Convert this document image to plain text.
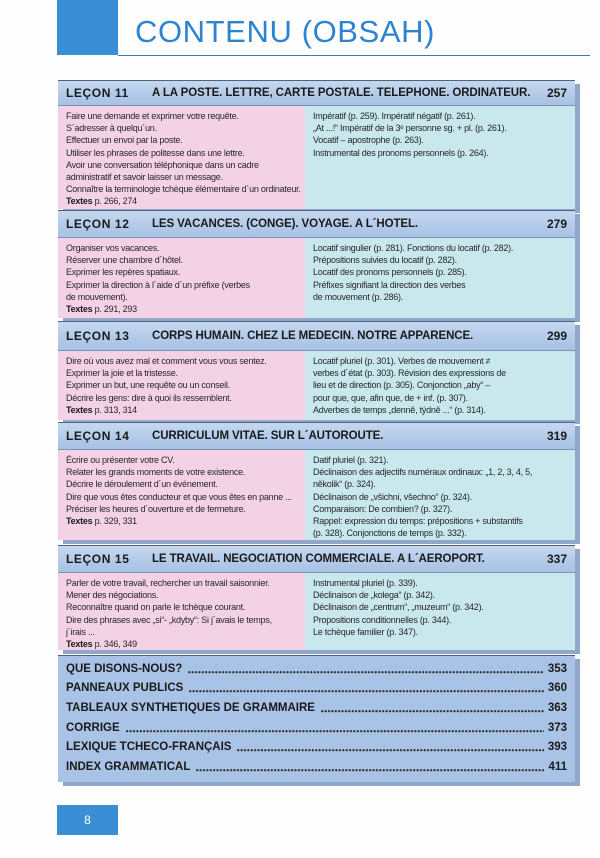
CONTENU (OBSAH)
LEÇON 11	A LA POSTE. LETTRE, CARTE POSTALE. TELEPHONE. ORDINATEUR.	257
Faire une demande et exprimer votre requête.
S´adresser à quelqu´un.
Effectuer un envoi par la poste.
Utiliser les phrases de politesse dans une lettre.
Avoir une conversation téléphonique dans un cadre
administratif et savoir laisser un message.
Connaître la terminologie tchèque élémentaire d´un ordinateur.
Textes p. 266, 274
Impératif (p. 259). Impératif négatif (p. 261).
„At ...!“ Impératif de la 3ᵉ personne sg. + pl. (p. 261).
Vocatif – apostrophe (p. 263).
Instrumental des pronoms personnels (p. 264).
LEÇON 12	LES VACANCES. (CONGE). VOYAGE. A L´HOTEL.	279
Organiser vos vacances.
Réserver une chambre d´hôtel.
Exprimer les repères spatiaux.
Exprimer la direction à l´aide d´un préfixe (verbes
de mouvement).
Textes p. 291, 293
Locatif singulier (p. 281). Fonctions du locatif (p. 282).
Prépositions suivies du locatif (p. 282).
Locatif des pronoms personnels (p. 285).
Préfixes signifiant la direction des verbes
de mouvement (p. 286).
LEÇON 13	CORPS HUMAIN. CHEZ LE MEDECIN. NOTRE APPARENCE.	299
Dire où vous avez mal et comment vous vous sentez.
Exprimer la joie et la tristesse.
Exprimer un but, une requête ou un conseil.
Décrire les gens: dire à quoi ils ressemblent.
Textes p. 313, 314
Locatif pluriel (p. 301). Verbes de mouvement ≠
verbes d´état (p. 303). Révision des expressions de
lieu et de direction (p. 305). Conjonction „aby“ –
pour que, que, afin que, de + inf. (p. 307).
Adverbes de temps „denně, týdně ...“ (p. 314).
LEÇON 14	CURRICULUM VITAE. SUR L´AUTOROUTE.	319
Écrire ou présenter votre CV.
Relater les grands moments de votre existence.
Décrire le déroulement d´un événement.
Dire que vous êtes conducteur et que vous êtes en panne ...
Préciser les heures d´ouverture et de fermeture.
Textes p. 329, 331
Datif pluriel (p. 321).
Déclinaison des adjectifs numéraux ordinaux: „1, 2, 3, 4, 5,
několik“ (p. 324).
Déclinaison de „všichni, všechno“ (p. 324).
Comparaison: De combien? (p. 327).
Rappel: expression du temps: prépositions + substantifs
(p. 328). Conjonctions de temps (p. 332).
LEÇON 15	LE TRAVAIL. NEGOCIATION COMMERCIALE. A L´AEROPORT.	337
Parler de votre travail, rechercher un travail saisonnier.
Mener des négociations.
Reconnaître quand on parle le tchèque courant.
Dire des phrases avec „si“- „kdyby“: Si j´avais le temps,
j´irais ...
Textes p. 346, 349
Instrumental pluriel (p. 339).
Déclinaison de „kolega“ (p. 342).
Déclinaison de „centrum“, „muzeum“ (p. 342).
Propositions conditionnelles (p. 344).
Le tchèque familier (p. 347).
QUE DISONS-NOUS?	353
PANNEAUX PUBLICS	360
TABLEAUX SYNTHETIQUES DE GRAMMAIRE	363
CORRIGE	373
LEXIQUE TCHECO-FRANÇAIS	393
INDEX GRAMMATICAL	411
8
